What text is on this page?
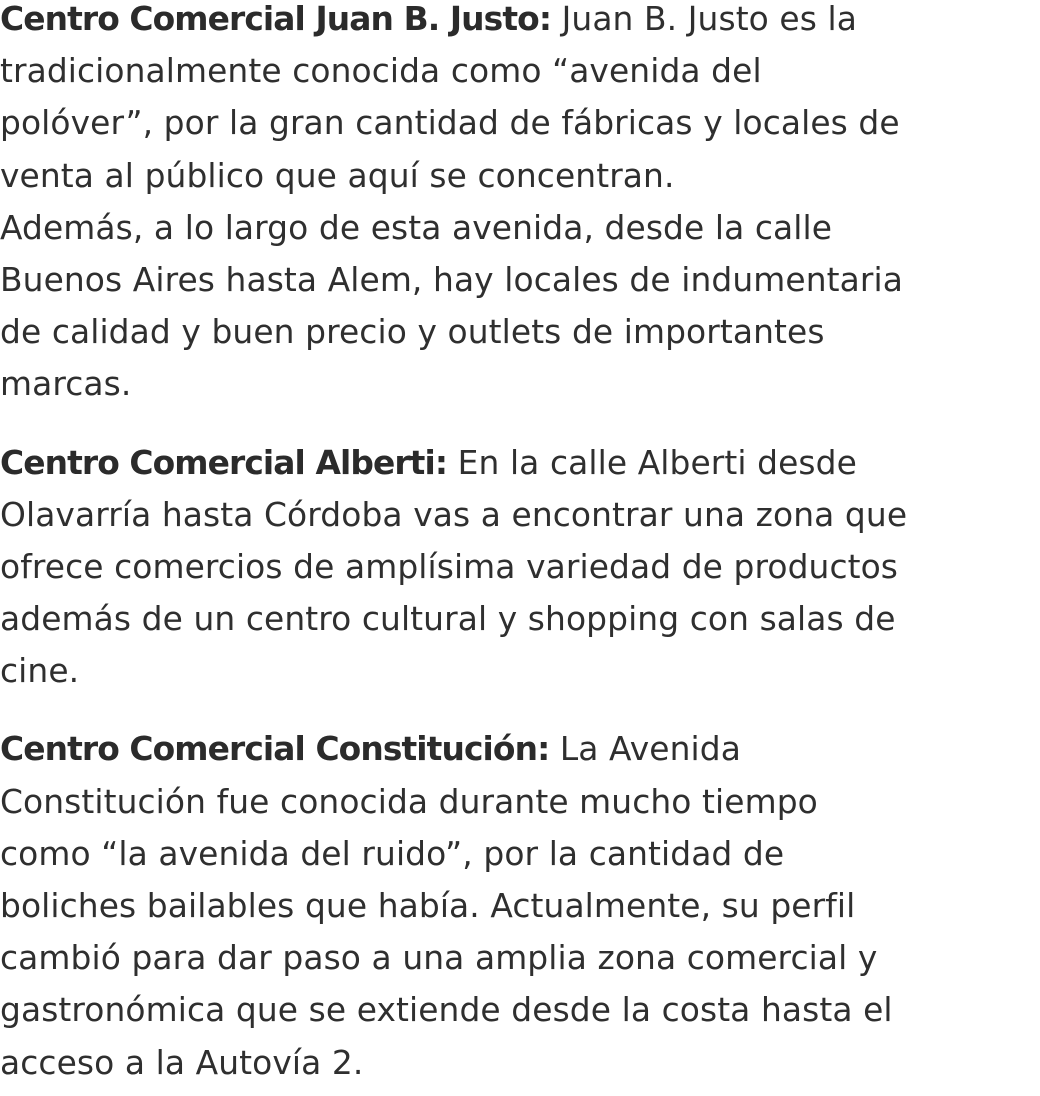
Centro Comercial Juan B. Justo: Juan B. Justo es la
tradicionalmente conocida como “avenida del
polóver”, por la gran cantidad de fábricas y locales de
venta al público que aquí se concentran.
Además, a lo largo de esta avenida, desde la calle
Buenos Aires hasta Alem, hay locales de indumentaria
de calidad y buen precio y outlets de importantes
marcas.
Centro Comercial Alberti: En la calle Alberti desde
Olavarría hasta Córdoba vas a encontrar una zona que
ofrece comercios de amplísima variedad de productos
además de un centro cultural y shopping con salas de
cine.
Centro Comercial Constitución: La Avenida
Constitución fue conocida durante mucho tiempo
como “la avenida del ruido”, por la cantidad de
boliches bailables que había. Actualmente, su perfil
cambió para dar paso a una amplia zona comercial y
gastronómica que se extiende desde la costa hasta el
acceso a la Autovía 2.
